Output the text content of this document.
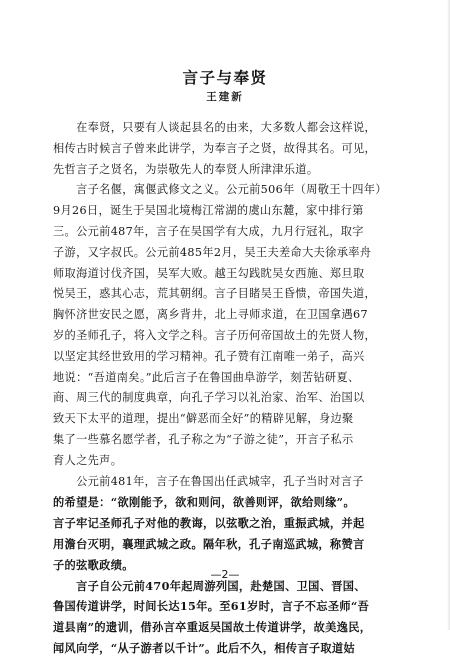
言子与奉贤
王建新
　　在奉贤，只要有人谈起县名的由来，大多数人都会这样说，
相传古时候言子曾来此讲学，为奉言子之贤，故得其名。可见，
先哲言子之贤名，为崇敬先人的奉贤人所津津乐道。
　　言子名偃，寓偃武修文之义。公元前506年（周敬王十四年）
9月26日，诞生于吴国北境梅江常湖的虞山东麓，家中排行第
三。公元前487年，言子在吴国学有大成，九月行冠礼，取字
子游，又字叔氏。公元前485年2月，吴王夫差命大夫徐承率舟
师取海道讨伐齐国，吴军大败。越王勾践眈吴女西施、郑旦取
悦吴王，惑其心志，荒其朝纲。言子目睹吴王昏愦，帝国失道，
胸怀济世安民之愿，离乡背井，北上寻师求道，在卫国拿遇67
岁的圣师孔子，将入文学之科。言子历何帝国故土的先贤人物，
以坚定其经世致用的学习精神。孔子赞有江南唯一弟子，高兴
地说：“吾道南矣。”此后言子在鲁国曲阜游学，刻苦钻研夏、
商、周三代的制度典章，向孔子学习以礼治家、治军、治国以
致天下太平的道理，提出“僻恶而全好”的精辟见解，身边聚
集了一些慕名愿学者，孔子称之为“子游之徒”，开言子私示
育人之先声。
　　公元前481年，言子在鲁国出任武城宰，孔子当时对言子
的希望是：“欲刚能予，欲和则问，欲善则评，欲给则缘”。
言子牢记圣师孔子对他的教诲，以弦歌之治，重振武城，并起
用澹台灭明，襄理武城之政。隔年秋，孔子南巡武城，称赞言
子的弦歌政绩。
　　言子自公元前470年起周游列国，赴楚国、卫国、晋国、
鲁国传道讲学，时间长达15年。至61岁时，言子不忘圣师“吾
道县南”的遗训，借孙言卒重返吴国故土传道讲学，故美逸民，
闻风向学，“从子游者以千计”。此后不久，相传言子取道姑
—2—
